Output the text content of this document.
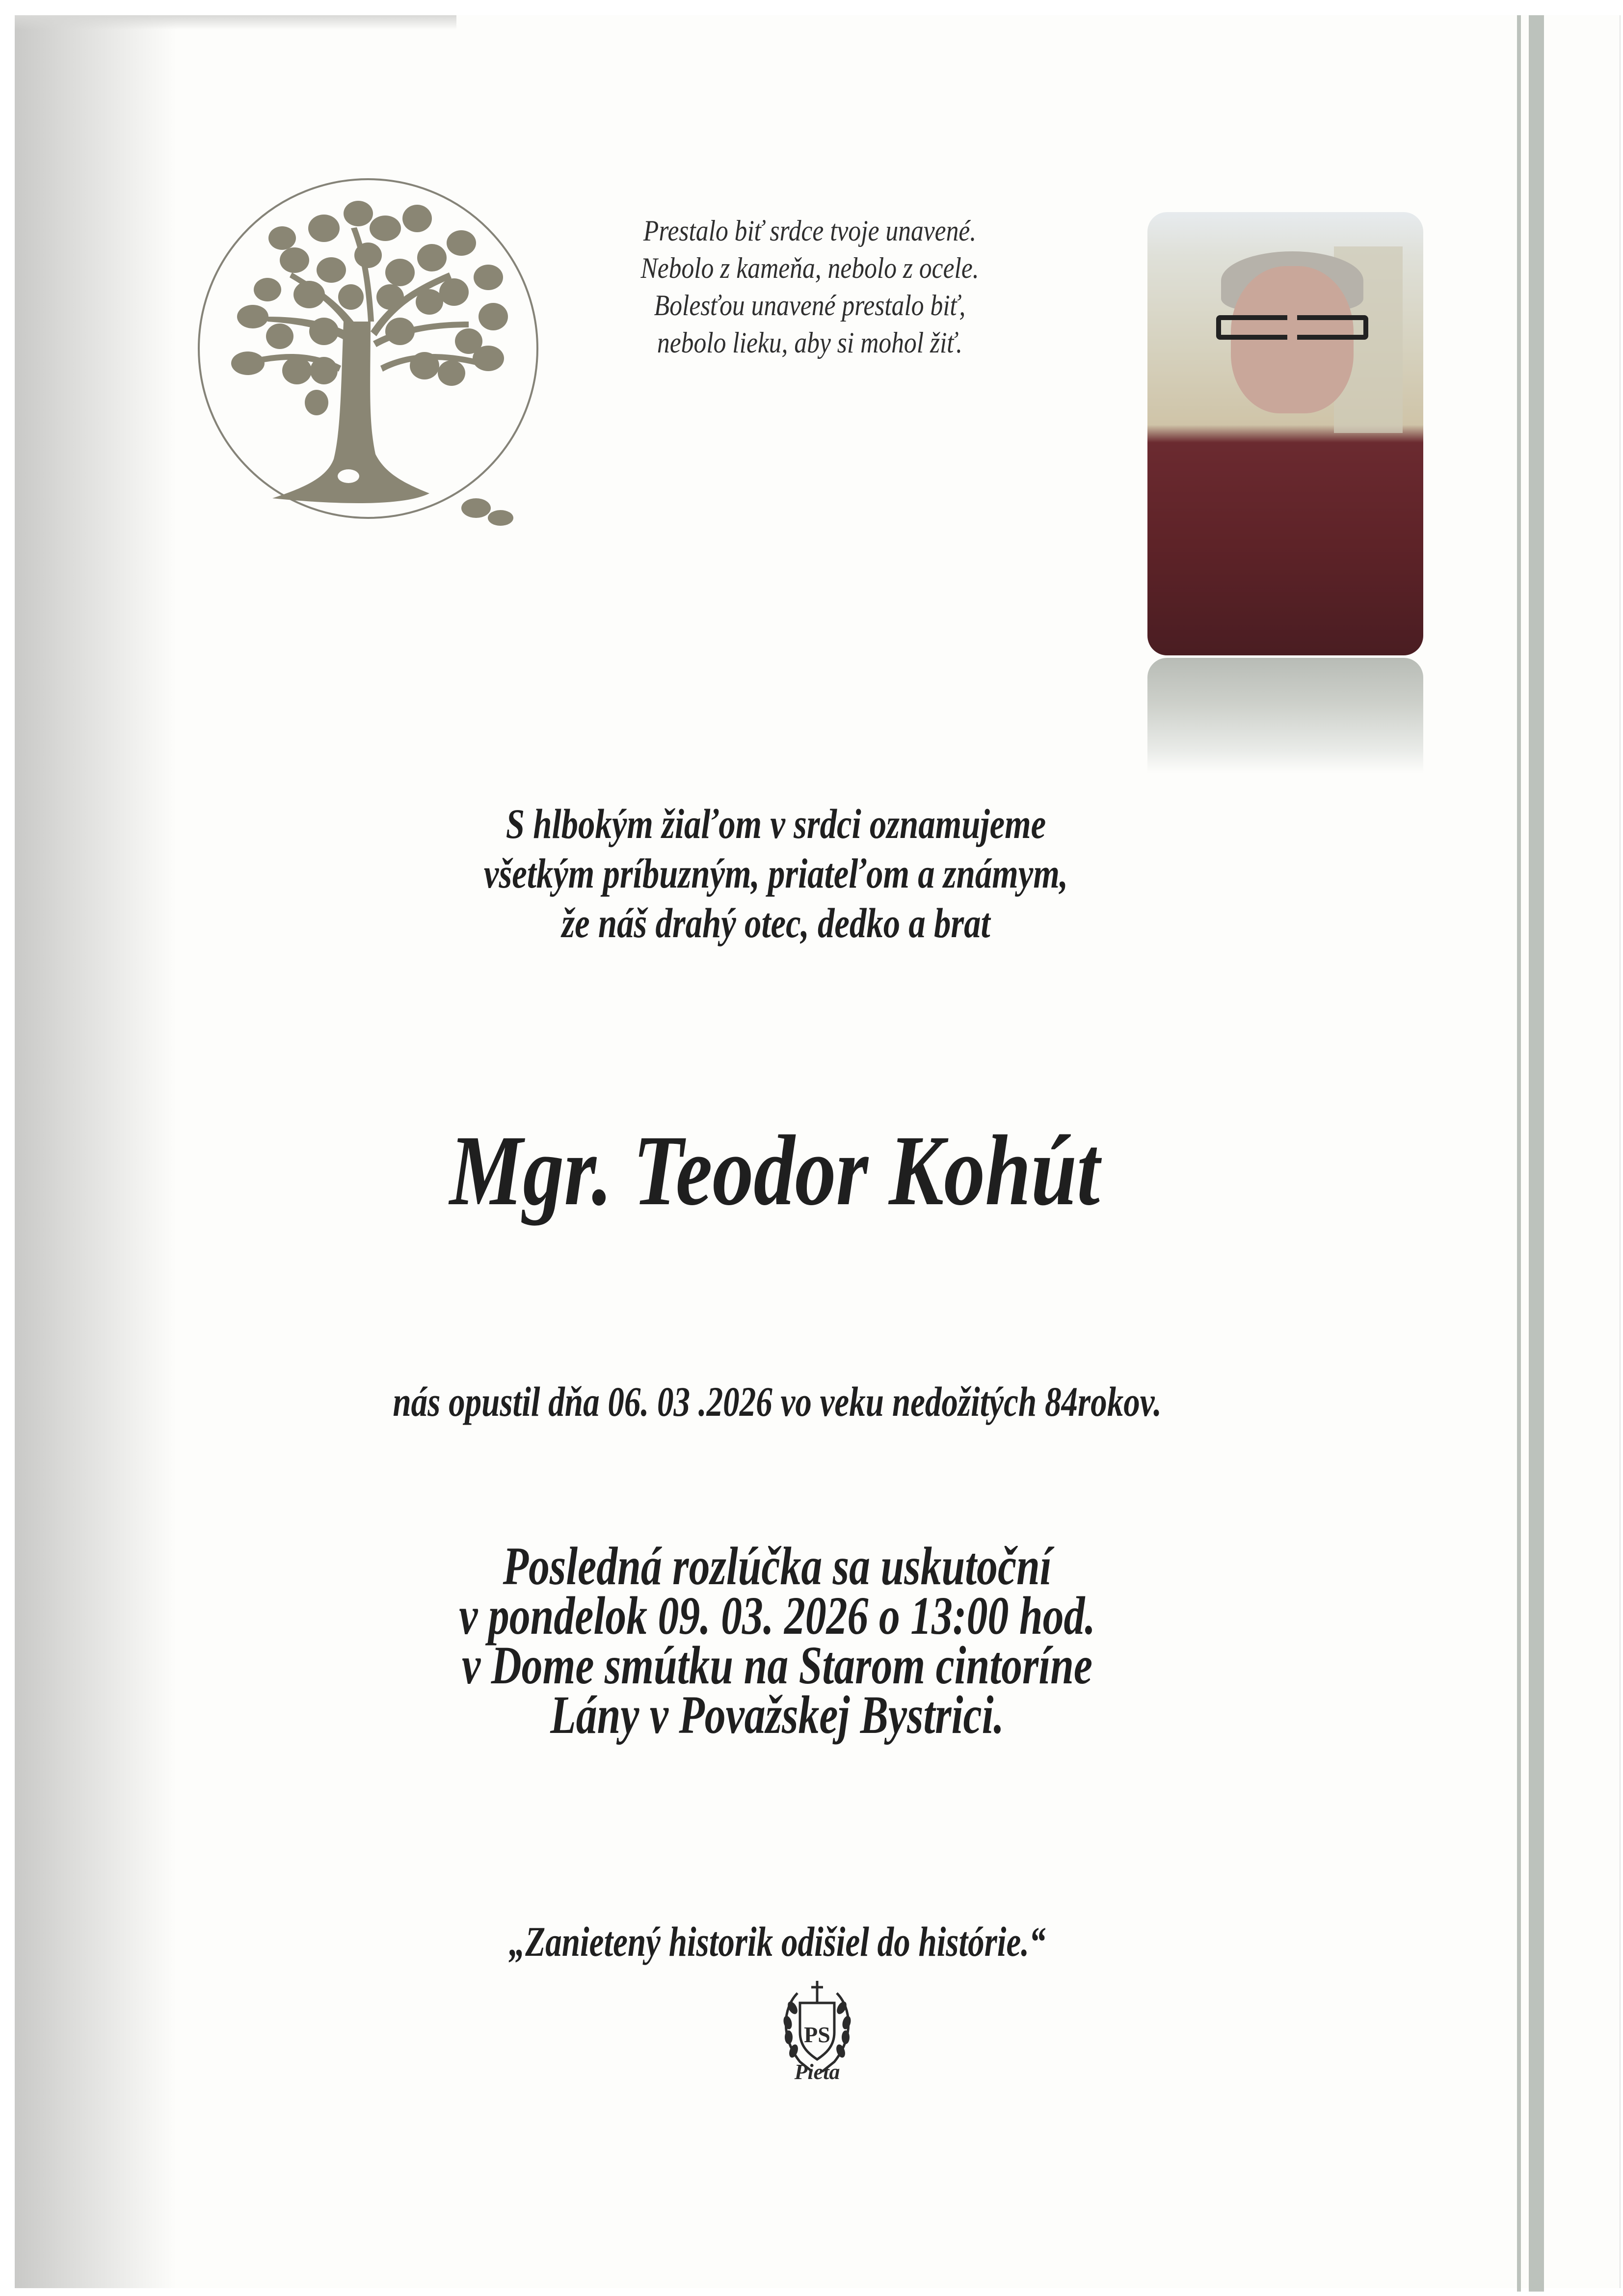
Prestalo biť srdce tvoje unavené.
Nebolo z kameňa, nebolo z ocele.
Bolesťou unavené prestalo biť,
nebolo lieku, aby si mohol žiť.
S hlbokým žiaľom v srdci oznamujeme
všetkým príbuzným, priateľom a známym,
že náš drahý otec, dedko a brat
Mgr. Teodor Kohút
nás opustil dňa 06. 03 .2026 vo veku nedožitých 84rokov.
Posledná rozlúčka sa uskutoční
v pondelok 09. 03. 2026 o 13:00 hod.
v Dome smútku na Starom cintoríne
Lány v Považskej Bystrici.
„Zanietený historik odišiel do histórie.“
PS
Pieta
